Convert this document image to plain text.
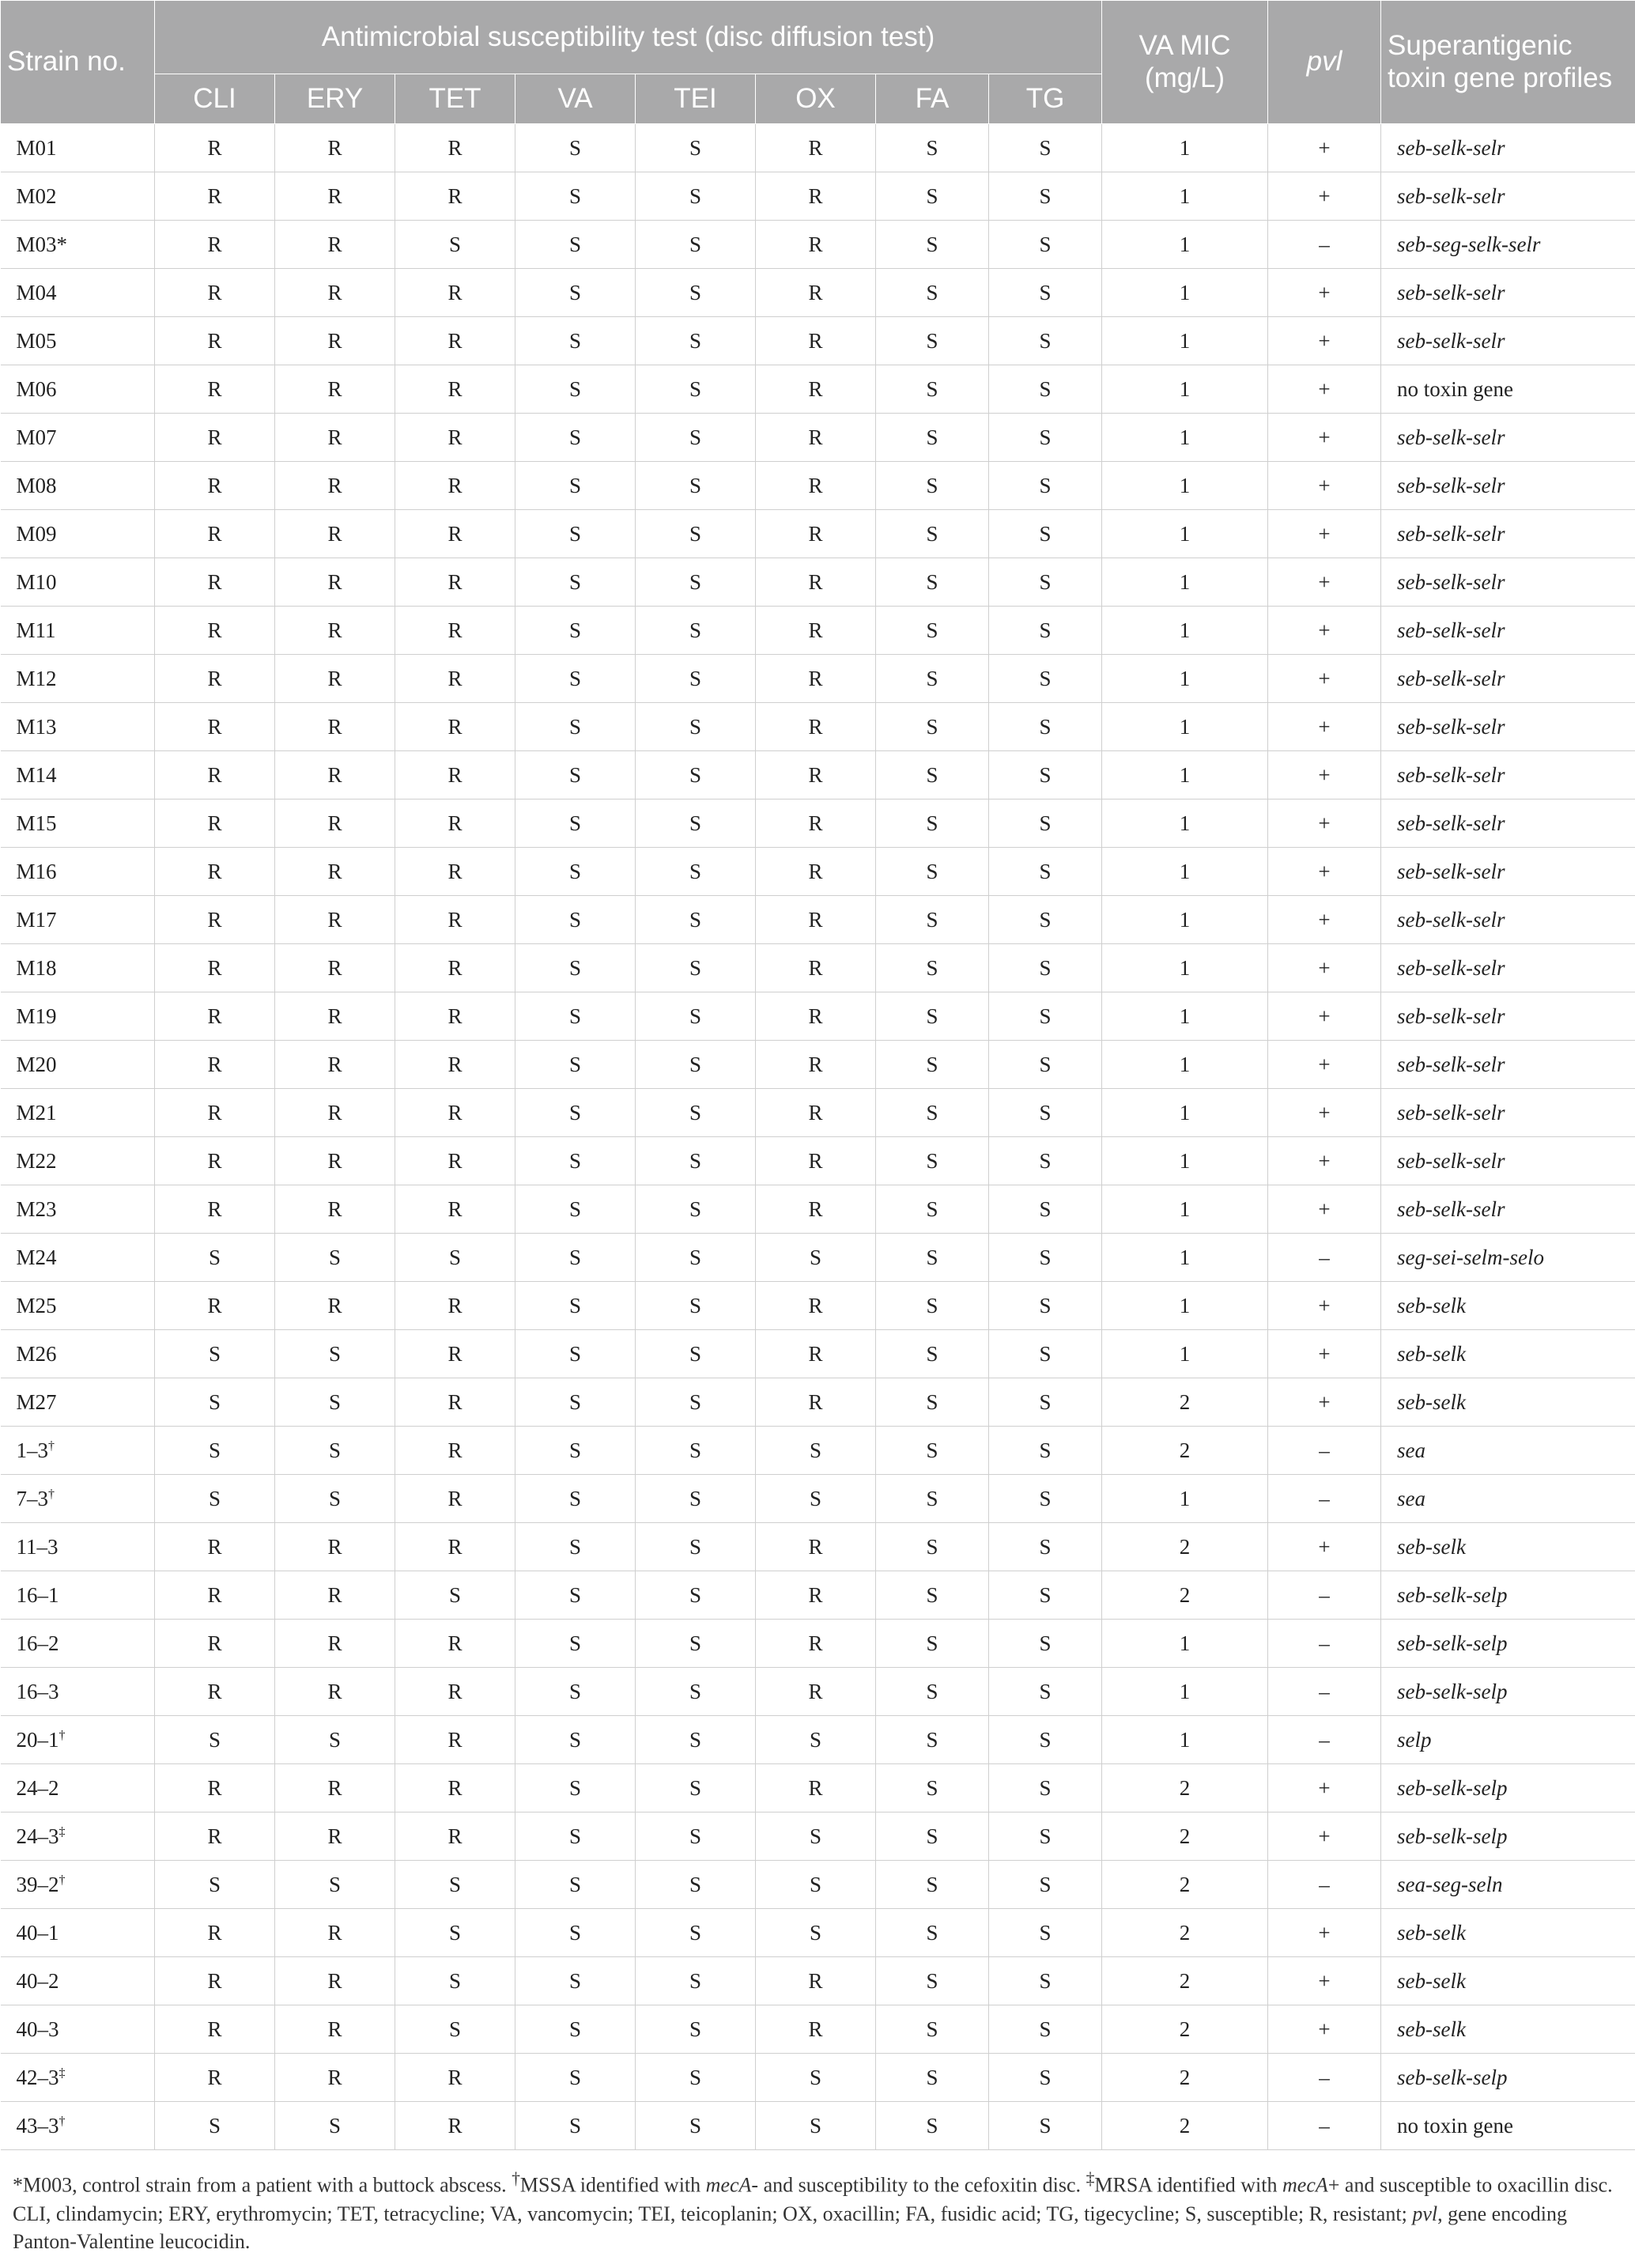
Strain no.	Antimicrobial susceptibility test (disc diffusion test)								VA MIC (mg/L)	pvl	Superantigenic toxin gene profiles
	CLI	ERY	TET	VA	TEI	OX	FA	TG			
M01	R	R	R	S	S	R	S	S	1	+	seb-selk-selr
M02	R	R	R	S	S	R	S	S	1	+	seb-selk-selr
M03*	R	R	S	S	S	R	S	S	1	–	seb-seg-selk-selr
M04	R	R	R	S	S	R	S	S	1	+	seb-selk-selr
M05	R	R	R	S	S	R	S	S	1	+	seb-selk-selr
M06	R	R	R	S	S	R	S	S	1	+	no toxin gene
M07	R	R	R	S	S	R	S	S	1	+	seb-selk-selr
M08	R	R	R	S	S	R	S	S	1	+	seb-selk-selr
M09	R	R	R	S	S	R	S	S	1	+	seb-selk-selr
M10	R	R	R	S	S	R	S	S	1	+	seb-selk-selr
M11	R	R	R	S	S	R	S	S	1	+	seb-selk-selr
M12	R	R	R	S	S	R	S	S	1	+	seb-selk-selr
M13	R	R	R	S	S	R	S	S	1	+	seb-selk-selr
M14	R	R	R	S	S	R	S	S	1	+	seb-selk-selr
M15	R	R	R	S	S	R	S	S	1	+	seb-selk-selr
M16	R	R	R	S	S	R	S	S	1	+	seb-selk-selr
M17	R	R	R	S	S	R	S	S	1	+	seb-selk-selr
M18	R	R	R	S	S	R	S	S	1	+	seb-selk-selr
M19	R	R	R	S	S	R	S	S	1	+	seb-selk-selr
M20	R	R	R	S	S	R	S	S	1	+	seb-selk-selr
M21	R	R	R	S	S	R	S	S	1	+	seb-selk-selr
M22	R	R	R	S	S	R	S	S	1	+	seb-selk-selr
M23	R	R	R	S	S	R	S	S	1	+	seb-selk-selr
M24	S	S	S	S	S	S	S	S	1	–	seg-sei-selm-selo
M25	R	R	R	S	S	R	S	S	1	+	seb-selk
M26	S	S	R	S	S	R	S	S	1	+	seb-selk
M27	S	S	R	S	S	R	S	S	2	+	seb-selk
1–3†	S	S	R	S	S	S	S	S	2	–	sea
7–3†	S	S	R	S	S	S	S	S	1	–	sea
11–3	R	R	R	S	S	R	S	S	2	+	seb-selk
16–1	R	R	S	S	S	R	S	S	2	–	seb-selk-selp
16–2	R	R	R	S	S	R	S	S	1	–	seb-selk-selp
16–3	R	R	R	S	S	R	S	S	1	–	seb-selk-selp
20–1†	S	S	R	S	S	S	S	S	1	–	selp
24–2	R	R	R	S	S	R	S	S	2	+	seb-selk-selp
24–3‡	R	R	R	S	S	S	S	S	2	+	seb-selk-selp
39–2†	S	S	S	S	S	S	S	S	2	–	sea-seg-seln
40–1	R	R	S	S	S	S	S	S	2	+	seb-selk
40–2	R	R	S	S	S	R	S	S	2	+	seb-selk
40–3	R	R	S	S	S	R	S	S	2	+	seb-selk
42–3‡	R	R	R	S	S	S	S	S	2	–	seb-selk-selp
43–3†	S	S	R	S	S	S	S	S	2	–	no toxin gene
*M003, control strain from a patient with a buttock abscess. †MSSA identified with mecA- and susceptibility to the cefoxitin disc. ‡MRSA identified with mecA+ and susceptible to oxacillin disc. CLI, clindamycin; ERY, erythromycin; TET, tetracycline; VA, vancomycin; TEI, teicoplanin; OX, oxacillin; FA, fusidic acid; TG, tigecycline; S, susceptible; R, resistant; pvl, gene encoding Panton-Valentine leucocidin.
